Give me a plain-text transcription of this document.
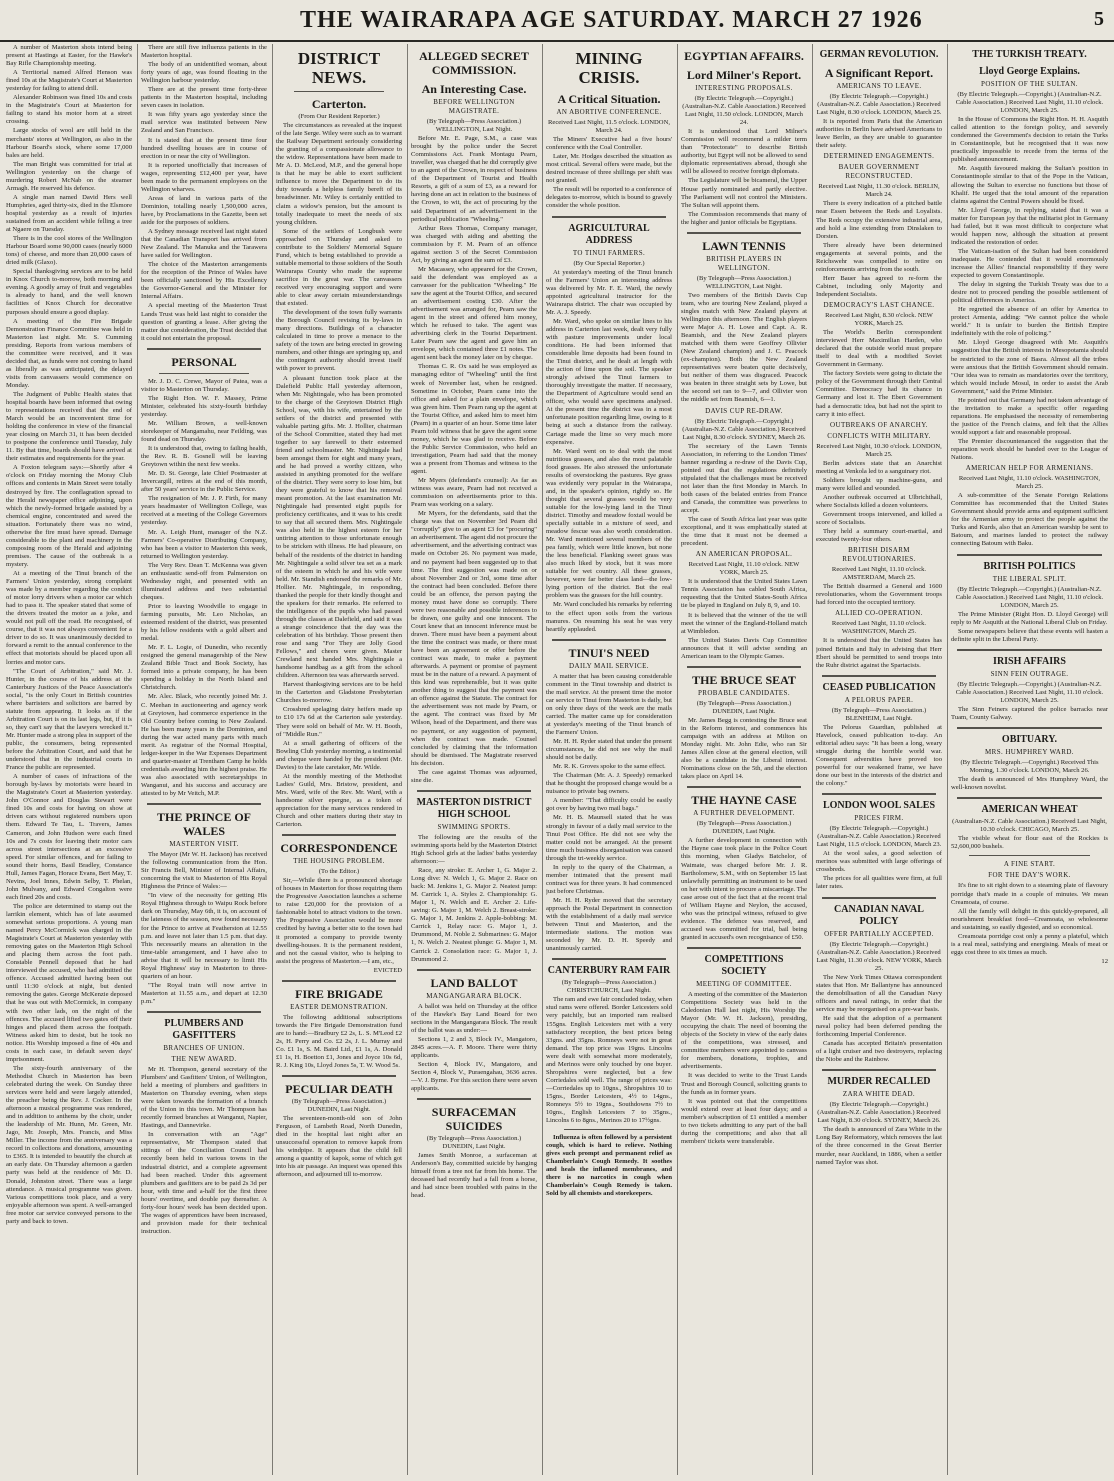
THE WAIRARAPA AGE SATURDAY. MARCH 27 1926	5

A number of Masterton shots intend being present at Hastings at Easter, for the Hawke's Bay Rifle Championship meeting.

A Territorial named Alfred Henson was fined 10s at the Magistrate's Court at Masterton yesterday for failing to attend drill.

Alexander Robinson was fined 10s and costs in the Magistrate's Court at Masterton for failing to stand his motor horn at a street crossing.

Large stocks of wool are still held in the merchants' stores at Wellington, as also in the Harbour Board's stock, where some 17,000 bales are held.

The man Bright was committed for trial at Wellington yesterday on the charge of murdering Robert McNab on the steamer Armagh. He reserved his defence.

A single man named David Hers well Humphries, aged thirty-six, died in the Elsmore hospital yesterday as a result of injuries sustained from an accident while felling a tree at Ngaere on Tuesday.

There is in the cool stores of the Wellington Harbour Board some 90,000 cases (nearly 6000 tons) of cheese, and more than 20,000 cases of dried milk (Glaxo).

Special thanksgiving services are to be held in Knox Church to-morrow, both morning and evening. A goodly array of fruit and vegetables is already to hand, and the well known facilities of Knox Church for decorative purposes should ensure a good display.

A meeting of the Fire Brigade Demonstration Finance Committee was held in Masterton last night. Mr. S. Cumming presiding. Reports from various members of the committee were received, and it was decided that, as funds were not coming to hand as liberally as was anticipated, the delayed visits from canvassers would commence on Monday.

The Judgment of Public Health states that hospital boards have been informed that owing to representations received that the end of March would be an inconvenient time for holding the conference in view of the financial year closing on March 31, it has been decided to postpone the conference until Tuesday, July 11. By that time, boards should have arrived at their estimates and requirements for the year.

A Foxton telegram says:—Shortly after 4 o'clock on Friday morning the Moray Club offices and contents in Main Street were totally destroyed by fire. The conflagration spread to the Herald newspaper office adjoining, upon which the newly-formed brigade assisted by a chemical engine, concentrated and saved the situation. Fortunately there was no wind, otherwise the fire must have spread. Damage considerable to the plant and machinery in the composing room of the Herald and adjoining premises. The cause of the outbreak is a mystery.

At a meeting of the Tinui branch of the Farmers' Union yesterday, strong complaint was made by a member regarding the conduct of motor lorry drivers when a motor car which had to pass it. The speaker stated that some of the drivers treated the motor as a joke, and would not pull off the road. He recognised, of course, that it was not always convenient for a driver to do so. It was unanimously decided to forward a remit to the annual conference to the effect that motorists should be placed upon all lorries and motor cars.

"The Court of Arbitration," said Mr. J. Hunter, in the course of his address at the Canterbury Justices of the Peace Association's social, "is the only Court in British countries where barristers and solicitors are barred by statute from appearing. It looks as if the Arbitration Court is on its last legs, but, if it is so, they can't say that the lawyers wrecked it." Mr. Hunter made a strong plea in support of the public, the consumers, being represented before the Arbitration Court, and said that he understood that in the industrial courts in France the public are represented.

A number of cases of infractions of the borough by-laws by motorists were heard in the Magistrate's Court at Masterton yesterday. John O'Connor and Douglas Stewart were fined 10s and costs for having on show at driven cars without registered numbers upon them. Edward Te Tau, L. Travers, James Cameron, and John Hudson were each fined 10s and 7s costs for leaving their motor cars across street intersections at an excessive speed. For similar offences, and for failing to sound their horns, Basil Bradley, Constance Hull, James Fagan, Horace Evans, Bert May, T. Nevins, Joel Innes, Edwin Selby, T. Phelan, John Mulvany, and Edward Congalton were each fined 20s and costs.

The police are determined to stamp out the larrikin element, which has of late assumed somewhat serious proportions. A young man named Percy McCormick was charged in the Magistrate's Court at Masterton yesterday with removing gates on the Masterton High School and placing them across the foot path. Constable Pennell deposed that he had interviewed the accused, who had admitted the offence. Accused admitted having been out until 11:30 o'clock at night, but denied removing the gates. George McKenzie deposed that he was out with McCormick, in company with two other lads, on the night of the offences. The accused lifted two gates off their hinges and placed them across the footpath. Witness asked him to desist, but he took no notice. His Worship imposed a fine of 40s and costs in each case, in default seven days' imprisonment.

The sixty-fourth anniversary of the Methodist Church in Masterton has been celebrated during the week. On Sunday three services were held and were largely attended, the preacher being the Rev. J. Cocker. In the afternoon a musical programme was rendered, and in addition to anthems by the choir, under the leadership of Mr. Hunn, Mr. Green, Mr. Jago, Mr. Joseph, Mrs. Francis, and Miss Miller. The income from the anniversary was a record in collections and donations, amounting to £365. It is intended to beautify the church at an early date. On Thursday afternoon a garden party was held at the residence of Mr. D. Donald, Johnston street. There was a large attendance. A musical programme was given. Various competitions took place, and a very enjoyable afternoon was spent. A well-arranged free motor car service conveyed persons to the party and back to town.

There are still five influenza patients in the Masterton hospital.

The body of an unidentified woman, about forty years of age, was found floating in the Wellington harbour yesterday.

There are at the present time forty-three patients in the Masterton hospital, including seven cases in isolation.

It was fifty years ago yesterday since the mail service was instituted between New Zealand and San Francisco.

It is stated that at the present time four hundred dwelling houses are in course of erection in or near the city of Wellington.

It is reported unofficially that increases of wages, representing £12,400 per year, have been made to the permanent employees on the Wellington wharves.

Areas of land in various parts of the Dominion, totalling nearly 1,500,000 acres, have, by Proclamations in the Gazette, been set aside for the purposes of soldiers.

A Sydney message received last night stated that the Canadian Transport has arrived from New Zealand. The Manuka and the Tarawera have sailed for Wellington.

The choice of the Masterton arrangements for the reception of the Prince of Wales have been officially sanctioned by His Excellency the Governor-General and the Minister for Internal Affairs.

A special meeting of the Masterton Trust Lands Trust was held last night to consider the question of granting a lease. After giving the matter due consideration, the Trust decided that it could not entertain the proposal.

PERSONAL

Mr. J. D. C. Crewe, Mayor of Patea, was a visitor to Masterton on Thursday.

The Right Hon. W. F. Massey, Prime Minister, celebrated his sixty-fourth birthday yesterday.

Mr. William Brown, a well-known storekeeper of Mangamahu, near Feilding, was found dead on Thursday.

It is understood that, owing to failing health, the Rev. R. B. Gosnell will be leaving Greytown within the next few weeks.

Mr. D. St. George, late Chief Postmaster at Invercargill, retires at the end of this month, after 50 years' service in the Public Service.

The resignation of Mr. J. P. Firth, for many years headmaster of Wellington College, was received at a meeting of the College Governors yesterday.

Mr. A. Leigh Hunt, manager of the N.Z. Farmers' Co-operative Distributing Company, who has been a visitor to Masterton this week, returned to Wellington yesterday.

The Very Rev. Dean T. McKenna was given an enthusiastic send-off from Palmerston on Wednesday night, and presented with an illuminated address and two substantial cheques.

Prior to leaving Woodville to engage in farming pursuits, Mr. Leo Nicholas, an esteemed resident of the district, was presented by his fellow residents with a gold albert and medal.

Mr. F. L. Logie, of Dunedin, who recently resigned the general managership of the New Zealand Bible Tract and Book Society, has formed into a private company, he has been spending a holiday in the North Island and Christchurch.

Mr. Alec. Black, who recently joined Mr. J. C. Meehan in auctioneering and agency work at Greytown, had commerce experience in the Old Country before coming to New Zealand. He has been many years in the Dominion, and during the war acted many parts with much merit. As registrar of the Normal Hospital, ledger-keeper in the War Expenses Department and quarter-master at Trentham Camp he holds credentials awarding him the highest praise. He was also associated with secretaryships in Wanganui, and his success and accuracy are attested to by Mr Veitch, M.P.

THE PRINCE OF WALES

MASTERTON VISIT.

The Mayor (Mr W. H. Jackson) has received the following communication from the Hon. Sir Francis Bell, Minister of Internal Affairs, concerning the visit to Masterton of His Royal Highness the Prince of Wales:—

"In view of the necessity for getting His Royal Highness through to Waipu Rock before dark on Thursday, May 6th, it is, on account of the lateness of the season, now found necessary for the Prince to arrive at Featherston at 12.55 p.m. and leave not later than 1.5 p.m. that day. This necessarily means an alteration in the time-table arrangement, and I have also to advise that it will be necessary to limit His Royal Highness' stay in Masterton to three-quarters of an hour.

"The Royal train will now arrive in Masterton at 11.55 a.m., and depart at 12.30 p.m."

PLUMBERS AND GASFITTERS

BRANCHES OF UNION.

THE NEW AWARD.

Mr H. Thompson, general secretary of the Plumbers' and Gasfitters' Union, of Wellington, held a meeting of plumbers and gasfitters in Masterton on Thursday evening, when steps were taken towards the formation of a branch of the Union in this town. Mr Thompson has recently formed branches at Wanganui, Napier, Hastings, and Dannevirke.

In conversation with an "Age" representative, Mr Thompson stated that sittings of the Conciliation Council had recently been held in various towns in the industrial district, and a complete agreement had been reached. Under this agreement plumbers and gasfitters are to be paid 2s 3d per hour, with time and a-half for the first three hours' overtime, and double pay thereafter. A forty-four hours' week has been decided upon. The wages of apprentices have been increased, and provision made for their technical instruction.

DISTRICT NEWS.

Carterton.

(From Our Resident Reporter.)

The circumstances as revealed at the inquest of the late Serge. Wiley were such as to warrant the Railway Department seriously considering the granting of a compassionate allowance to the widow. Representations have been made to Mr A. D. McLeod, M.P., and the general hope is that he may be able to exert sufficient influence to move the Department to do its duty towards a helpless family bereft of its breadwinner. Mr. Wiley is certainly entitled to claim a widow's pension, but the amount is totally inadequate to meet the needs of six young children.

Some of the settlers of Longbush were approached on Thursday and asked to contribute to the Soldiers' Memorial Square Fund, which is being established to provide a suitable memorial to those soldiers of the South Wairarapa County who made the supreme sacrifice in the great war. The canvassers received very encouraging support and were able to clear away certain misunderstandings that existed.

The development of the town fully warrants the Borough Council revising its by-laws in many directions. Buildings of a character calculated in time to prove a menace to the safety of the town are being erected in growing numbers, and other things are springing up, and the contingent authority should invest itself with power to prevent.

A pleasant function took place at the Dalefield Public Hall yesterday afternoon, when Mr. Nightingale, who has been promoted to the charge of the Greytown District High School, was, with his wife, entertained by the settlers of the district and presented with valuable parting gifts. Mr. J. Hollier, chairman of the School Committee, stated they had met together to say farewell to their esteemed friend and schoolmaster. Mr. Nightingale had been amongst them for eight and many years, and he had proved a worthy citizen, who assisted in anything promoted for the welfare of the district. They were sorry to lose him, but they were grateful to know that his removal meant promotion. At the last examination Mr. Nightingale had presented eight pupils for proficiency certificates, and it was to his credit to say that all secured them. Mrs. Nightingale was also held in the highest esteem for her untiring attention to those unfortunate enough to be stricken with illness. He had pleasure, on behalf of the residents of the district in handing Mr. Nightingale a solid silver tea set as a mark of the esteem in which he and his wife were held. Mr. Standish endorsed the remarks of Mr. Hollier. Mr. Nightingale, in responding, thanked the people for their kindly thought and the speakers for their remarks. He referred to the intelligence of the pupils who had passed through the classes at Dalefield, and said it was a strange coincidence that the day was the celebration of his birthday. Those present then rose and sang "For They are Jolly Good Fellows," and cheers were given. Master Crewland next handed Mrs. Nightingale a handsome handbag as a gift from the school children. Afternoon tea was afterwards served.

Harvest thanksgiving services are to be held in the Carterton and Gladstone Presbyterian Churches to-morrow.

Crossbred spelaging dairy heifers made up to £10 17s 6d at the Carterton sale yesterday. They were sold on behalf of Mr. W. H. Booth, of "Middle Run."

At a small gathering of officers of the Bowling Club yesterday morning, a testimonial and cheque were handed by the president (Mr. Davies) to the late caretaker, Mr. Wilde.

At the monthly meeting of the Methodist Ladies' Guild, Mrs. Bristow, president, and Mrs. Ward, wife of the Rev. Mr. Ward, with a handsome silver epergne, as a token of appreciation for the many services rendered in Church and other matters during their stay in Carterton.

CORRESPONDENCE

THE HOUSING PROBLEM.

(To the Editor.)

Sir,—While there is a pronounced shortage of houses in Masterton for those requiring them the Progressive Association launches a scheme to raise £20,000 for the provision of a fashionable hotel to attract visitors to the town. The Progressive Association would be more credited by having a better site to the town had it promoted a company to provide twenty dwelling-houses. It is the permanent resident, and not the casual visitor, who is helping to assist the progress of Masterton.—I am, etc.,

EVICTED

FIRE BRIGADE

EASTER DEMONSTRATION.

The following additional subscriptions towards the Fire Brigade Demonstration fund are to hand:—Bradbury £2 2s, L. S. M'Leod £2 2s, H. Perry and Co. £2 2s, J. L. Murray and Co. £1 1s, S. M. Baird Ltd., £1 1s, A. Donald £1 1s, H. Boetton £1, Jones and Joyce 10s 6d, R. J. King 10s, Lloyd Jones 5s, T. W. Wood 5s.

PECULIAR DEATH

(By Telegraph—Press Association.) DUNEDIN, Last Night.

The seventeen-month-old son of John Ferguson, of Lambeth Road, North Dunedin, died in the hospital last night after an unsuccessful operation to remove kapok from his windpipe. It appears that the child fell among a quantity of kapok, some of which got into his air passage. An inquest was opened this afternoon, and adjourned till to-morrow.

ALLEGED SECRET COMMISSION.

An Interesting Case.

BEFORE WELLINGTON MAGISTRATE.

(By Telegraph—Press Association.) WELLINGTON, Last Night.

Before Mr. E. Page, S.M., a case was brought by the police under the Secret Commissions Act. Frank Montagu Pearn, traveller, was charged that he did corruptly give to an agent of the Crown, in respect of business of the Department of Tourist and Health Resorts, a gift of a sum of £3, as a reward for having done an act in relation to the business of the Crown, to wit, the act of procuring by the said Department of an advertisement in the periodical publication "Wheeling."

Arthur Rees Thomas, Company manager, was charged with aiding and abetting the commission by F. M. Pearn of an offence against section 3 of the Secret Commission Act, by giving an agent the sum of £3.

Mr Macassey, who appeared for the Crown, said the defendant was employed as a canvasser for the publication "Wheeling." He saw the agent at the Tourist Office, and secured an advertisement costing £30. After the advertisement was arranged for, Pearn saw the agent in the street and offered him money, which he refused to take. The agent was advertising clerk in the Tourist Department. Later Pearn saw the agent and gave him an envelope, which contained three £1 notes. The agent sent back the money later on by cheque.

Thomas C. R. Ox said he was employed as managing editor of "Wheeling" until the first week of November last, when he resigned. Sometime in October, Pearn came into the office and asked for a plain envelope, which was given him. Then Pearn rang up the agent at the Tourist Office, and asked him to meet him (Pearn) in a quarter of an hour. Some time later Pearn told witness that he gave the agent some money, which he was glad to receive. Before the Public Service Commission, who held an investigation, Pearn had said that the money was a present from Thomas and witness to the agent.

Mr Myers (defendant's counsel): As far as witness was aware, Pearn had not received a commission on advertisements prior to this. Pearn was working on a salary.

Mr Myers, for the defendants, said that the charge was that on November 3rd Pearn did "corruptly" give to an agent £3 for "procuring" an advertisement. The agent did not procure the advertisement, and the advertising contract was made on October 26. No payment was made, and no payment had been suggested up to that time. The first suggestion was made on or about November 2nd or 3rd, some time after the contract had been concluded. Before there could be an offence, the person paying the money must have done so corruptly. There were two reasonable and possible inferences to be drawn, one guilty and one innocent. The Court knew that an innocent inference must be drawn. There must have been a payment about the time the contract was made, or there must have been an agreement or offer before the contract was made, to make a payment afterwards. A payment or promise of payment must be in the nature of a reward. A payment of this kind was reprehensible, but it was quite another thing to suggest that the payment was an offence against the Statute. The contract for the advertisement was not made by Pearn, or the agent. The contract was fixed by Mr Wilson, head of the Department, and there was no payment, or any suggestion of payment, when the contract was made. Counsel concluded by claiming that the information should be dismissed. The Magistrate reserved his decision.

The case against Thomas was adjourned, sine die.

MASTERTON DISTRICT HIGH SCHOOL

SWIMMING SPORTS.

The following are the results of the swimming sports held by the Masterton District High School girls at the ladies' baths yesterday afternoon:—

Race, any stroke: E. Archer 1, G. Major 2. Long dive: N. Welch 1, G. Major 2. Race on back: M. Jenkins 1, G. Major 2. Neatest jump: M. Carrick 1, A. Styles 2. Championship: G. Major 1, N. Welch and E. Archer 2. Life-saving: G. Major 1, M. Welch 2. Breast-stroke: G. Major 1, M. Jenkins 2. Apple-bobbing: M. Carrick 1, Relay race: G. Major 1, J. Drummond, M. Noble 2. Submarines: G. Major 1, N. Welch 2. Neatest plunge: G. Major 1, M. Carrick 2. Consolation race: G. Major 1, J. Drummond 2.

LAND BALLOT

MANGANGARARA BLOCK.

A ballot was held on Thursday at the office of the Hawke's Bay Land Board for two sections in the Mangangarara Block. The result of the ballot was as under:—

Sections 1, 2 and 3, Block IV., Mangatoro, 2845 acres.—A. F. Moore. There were thirty applicants.

Section 4, Block IV., Mangatoro, and Section 4, Block V., Puraengahau, 3636 acres.—V. J. Byrne. For this section there were seven applicants.

SURFACEMAN SUICIDES

(By Telegraph—Press Association.) DUNEDIN, Last Night.

James Smith Monroe, a surfaceman at Anderson's Bay, committed suicide by hanging himself from a tree not far from his home. The deceased had recently had a fall from a horse, and had since been troubled with pains in the head.

MINING CRISIS.

A Critical Situation.

AN ABORTIVE CONFERENCE.

Received Last Night, 11.5 o'clock. LONDON, March 24.

The Miners' Executive had a five hours' conference with the Coal Controller.

Later, Mr. Hodges described the situation as most critical. Several offers were made, but the desired increase of three shillings per shift was not granted.

The result will be reported to a conference of delegates to-morrow, which is bound to gravely consider the whole position.

AGRICULTURAL ADDRESS

TO TINUI FARMERS.

(By Our Special Reporter.)

At yesterday's meeting of the Tinui branch of the Farmers' Union an interesting address was delivered by Mr. F. E. Ward, the newly appointed agricultural instructor for the Wairarapa district. The chair was occupied by Mr. A. J. Speedy.

Mr. Ward, who spoke on similar lines to his address in Carterton last week, dealt very fully with pasture improvements under local conditions. He had been informed that considerable lime deposits had been found in the Tinui district, and he dealt at length with the action of lime upon the soil. The speaker strongly advised the Tinui farmers to thoroughly investigate the matter. If necessary, the Department of Agriculture would send an officer, who would save specimens analysed. At the present time the district was in a most unfortunate position regarding lime, owing to it being at such a distance from the railway. Cartage made the lime so very much more expensive.

Mr. Ward went on to deal with the most nutritious grasses, and also the most palatable food grasses. He also stressed the unfortunate results of overstocking the pastures. Rye grass was evidently very popular in the Wairarapa, and, in the speaker's opinion, rightly so. He thought that several grasses would be very suitable for the low-lying land in the Tinui district. Timothy and meadow foxtail would be specially suitable in a mixture of seed, and meadow fescue was also worth consideration. Mr. Ward mentioned several members of the pea family, which were little known, but none the less beneficial. Flanking sweet grass was also much liked by stock, but it was more suitable for wet country. All these grasses, however, were far better class land—the low-lying portion of the district. But the real problem was the grasses for the hill country.

Mr. Ward concluded his remarks by referring to the effect upon soils from the various manures. On resuming his seat he was very heartily applauded.

TINUI'S NEED

DAILY MAIL SERVICE.

A matter that has been causing considerable comment in the Tinui township and district is the mail service. At the present time the motor car service to Tinui from Masterton is daily, but on only three days of the week are the mails carried. The matter came up for consideration at yesterday's meeting of the Tinui branch of the Farmers' Union.

Mr. H. H. Ryder stated that under the present circumstances, he did not see why the mail should not be daily.

Mr. R. K. Groves spoke to the same effect.

The Chairman (Mr. A. J. Speedy) remarked that he thought the proposed change would be a nuisance to private bag owners.

A member: "That difficulty could be easily got over by having two mail bags."

Mr. H. B. Maunsell stated that he was strongly in favour of a daily mail service to the Tinui Post Office. He did not see why the matter could not be arranged. At the present time much business disorganisation was caused through the tri-weekly service.

In reply to the query of the Chairman, a member intimated that the present mail contract was for three years. It had commenced just before Christmas.

Mr. H. H. Ryder moved that the secretary approach the Postal Department in connection with the establishment of a daily mail service between Tinui and Masterton, and the intermediate stations. The motion was seconded by Mr. D. H. Speedy and unanimously carried.

CANTERBURY RAM FAIR

(By Telegraph—Press Association.) CHRISTCHURCH, Last Night.

The ram and ewe fair concluded today, when stud rams were offered. Border Leicesters sold very patchily, but an imported ram realised 155gns. English Leicesters met with a very satisfactory reception, the best prices being 33gns. and 35gns. Romneys were not in great demand. The top price was 19gns. Lincolns were dealt with somewhat more moderately, and Merinos were only touched by one buyer. Shropshires were neglected, but a few Corriedales sold well. The range of prices was:—Corriedales up to 10gns., Shropshires 10 to 15gns., Border Leicesters, 4½ to 14gns., Romneys 5½ to 19gns., Southdowns 7½ to 10gns., English Leicesters 7 to 35gns., Lincolns 6 to 8gns., Merinos 20 to 17½gns.

Influenza is often followed by a persistent cough, which is hard to relieve. Nothing gives such prompt and permanent relief as Chamberlain's Cough Remedy. It soothes and heals the inflamed membranes, and there is no narcotics in cough when Chamberlain's Cough Remedy is taken. Sold by all chemists and storekeepers.

EGYPTIAN AFFAIRS.

Lord Milner's Report.

INTERESTING PROPOSALS.

(By Electric Telegraph.—Copyright.) (Australian-N.Z. Cable Association.) Received Last Night, 11.50 o'clock. LONDON, March 24.

It is understood that Lord Milner's Commission will recommend a milder term than "Protectorate" to describe British authority, but Egypt will not be allowed to send diplomatic representatives abroad, though she will be allowed to receive foreign diplomats.

The Legislature will be bicameral, the Upper House partly nominated and partly elective. The Parliament will not control the Ministers. The Sultan will appoint them.

The Commission recommends that many of the higher and junior officials be Egyptians.

LAWN TENNIS

BRITISH PLAYERS IN WELLINGTON.

(By Telegraph—Press Association.) WELLINGTON, Last Night.

Two members of the British Davis Cup team, who are touring New Zealand, played a singles match with New Zealand players at Wellington this afternoon. The English players were Major A. H. Lowe and Capt. A. R. Beamish, and the New Zealand players matched with them were Geoffrey Ollivier (New Zealand champion) and J. C. Peacock (ex-champion). Both the New Zealand representatives were beaten quite decisively, but neither of them was disgraced. Peacock was beaten in three straight sets by Lowe, but the second set ran to 9—7, and Ollivier won the middle set from Beamish, 6—1.

DAVIS CUP RE-DRAW.

(By Electric Telegraph.—Copyright.) (Australian-N.Z. Cable Association.) Received Last Night, 8.30 o'clock. SYDNEY, March 26.

The secretary of the Lawn Tennis Association, in referring to the London Times' banner regarding a re-draw of the Davis Cup, pointed out that the regulations definitely stipulated that the challenges must be received not later than the first Monday in March. In both cases of the belated entries from France and Canada, the committee was powerless to accept.

The case of South Africa last year was quite exceptional, and it was emphatically stated at the time that it must not be deemed a precedent.

AN AMERICAN PROPOSAL.

Received Last Night, 11.10 o'clock. NEW YORK, March 25.

It is understood that the United States Lawn Tennis Association has cabled South Africa, requesting that the United States-South Africa tie be played in England on July 8, 9, and 10.

It is believed that the winner of the tie will meet the winner of the England-Holland match at Wimbledon.

The United States Davis Cup Committee announces that it will advise sending an American team to the Olympic Games.

THE BRUCE SEAT

PROBABLE CANDIDATES.

(By Telegraph—Press Association.) DUNEDIN, Last Night.

Mr. James Begg is contesting the Bruce seat in the Reform interest, and commences his campaign with an address at Milton on Monday night. Mr. John Edie, who ran Sir James Allen close at the general election, will also be a candidate in the Liberal interest. Nominations close on the 5th, and the election takes place on April 14.

THE HAYNE CASE

A FURTHER DEVELOPMENT.

(By Telegraph—Press Association.) DUNEDIN, Last Night.

A further development in connection with the Hayne case took place in the Police Court this morning, when Gladys Batchelor, of Waimate, was charged before Mr. J. R. Bartholomew, S.M., with on September 15 last unlawfully permitting an instrument to be used on her with intent to procure a miscarriage. The case arose out of the fact that at the recent trial of William Hayne and Neylon, the accused, who was the principal witness, refused to give evidence. The defence was reserved, and accused was committed for trial, bail being granted in accused's own recognisance of £50.

COMPETITIONS SOCIETY

MEETING OF COMMITTEE.

A meeting of the committee of the Masterton Competitions Society was held in the Caledonian Hall last night, His Worship the Mayor (Mr. W. H. Jackson), presiding, occupying the chair. The need of booming the objects of the Society in view of the early dates of the competitions, was stressed, and committee members were appointed to canvass for members, donations, trophies, and advertisements.

It was decided to write to the Trust Lands Trust and Borough Council, soliciting grants to the funds as in former years.

It was pointed out that the competitions would extend over at least four days; and a member's subscription of £1 entitled a member to two tickets admitting to any part of the ball during the competitions; and also that all members' tickets were transferable.

GERMAN REVOLUTION.

A Significant Report.

AMERICANS TO LEAVE.

(By Electric Telegraph.—Copyright.) (Australian-N.Z. Cable Association.) Received Last Night, 8.30 o'clock. LONDON, March 25.

It is reported from Paris that the American authorities in Berlin have advised Americans to leave Berlin, as they are unable to guarantee their safety.

DETERMINED ENGAGEMENTS.

BAUER GOVERNMENT RECONSTRUCTED.

Received Last Night, 11.30 o'clock. BERLIN, March 24.

There is every indication of a pitched battle near Essen between the Reds and Loyalists. The Reds occupy the extensive industrial area, and hold a line extending from Dinslaken to Dorsten.

There already have been determined engagements at several points, and the Reichswehr was compelled to retire on reinforcements arriving from the south.

Herr Bauer has agreed to re-form the Cabinet, including only Majority and Independent Socialists.

DEMOCRACY'S LAST CHANCE.

Received Last Night, 8.30 o'clock. NEW YORK, March 25.

The World's Berlin correspondent interviewed Herr Maximilian Harden, who declared that the outside world must prepare itself to deal with a modified Soviet Government in Germany.

The factory Soviets were going to dictate the policy of the Government through their Central Committee. Democracy had its chance in Germany and lost it. The Ebert Government had a democratic idea, but had not the spirit to carry it into effect.

OUTBREAKS OF ANARCHY.

CONFLICTS WITH MILITARY.

Received Last Night, 10.30 o'clock. LONDON, March 25.

Berlin advices state that an Anarchist meeting at Venkola led to a sanguinary riot.

Soldiers brought up machine-guns, and many were killed and wounded.

Another outbreak occurred at Ulbrichthall, where Socialists killed a dozen volunteers.

Government troops intervened, and killed a score of Socialists.

They held a summary court-martial, and executed twenty-four others.

BRITISH DISARM REVOLUTIONARIES.

Received Last Night, 11.10 o'clock. AMSTERDAM, March 25.

The British disarmed a General and 1600 revolutionaries, whom the Government troops had forced into the occupied territory.

ALLIED CO-OPERATION.

Received Last Night, 11.10 o'clock. WASHINGTON, March 25.

It is understood that the United States has joined Britain and Italy in advising that Herr Ebert should be permitted to send troops into the Ruhr district against the Spartacists.

CEASED PUBLICATION

A PELORUS PAPER.

(By Telegraph—Press Association.) BLENHEIM, Last Night.

The Pelorus Guardian, published at Havelock, ceased publication to-day. An editorial adieu says: "It has been a long, weary struggle during the horrible world war. Consequent adversities have proved too powerful for our weakened frame, we have done our best in the interests of the district and the colony."

LONDON WOOL SALES

PRICES FIRM.

(By Electric Telegraph.—Copyright.) (Australian-N.Z. Cable Association.) Received Last Night, 11.5 o'clock. LONDON, March 23.

At the wool sales, a good selection of merinos was submitted with large offerings of crossbreds.

The prices for all qualities were firm, at full later rates.

CANADIAN NAVAL POLICY

OFFER PARTIALLY ACCEPTED.

(By Electric Telegraph.—Copyright.) (Australian-N.Z. Cable Association.) Received Last Night, 11.30 o'clock. NEW YORK, March 25.

The New York Times Ottawa correspondent states that Hon. Mr Ballantyne has announced the demobilisation of all the Canadian Navy officers and naval ratings, in order that the service may be reorganised on a pre-war basis.

He said that the adoption of a permanent naval policy had been deferred pending the forthcoming Imperial Conference.

Canada has accepted Britain's presentation of a light cruiser and two destroyers, replacing the Niobe and the Rainbow.

MURDER RECALLED

ZARA WHITE DEAD.

(By Electric Telegraph.—Copyright.) (Australian-N.Z. Cable Association.) Received Last Night, 8.30 o'clock. SYDNEY, March 26.

The death is announced of Zara White in the Long Bay Reformatory, which removes the last of the three concerned in the Great Berrier murder, near Auckland, in 1886, when a settler named Taylor was shot.

THE TURKISH TREATY.

Lloyd George Explains.

POSITION OF THE SULTAN.

(By Electric Telegraph.—Copyright.) (Australian-N.Z. Cable Association.) Received Last Night, 11.10 o'clock. LONDON, March 25.

In the House of Commons the Right Hon. H. H. Asquith called attention to the foreign policy, and severely condemned the Government's decision to retain the Turks in Constantinople, but he recognised that it was now practically impossible to recede from the terms of the published announcement.

Mr. Asquith favoured making the Sultan's position in Constantinople similar to that of the Pope in the Vatican, allowing the Sultan to exercise no functions but those of Khalif. He urged that the total amount of the reparation claims against the Central Powers should be fixed.

Mr. Lloyd George, in replying, stated that it was a matter for European joy that the militarist plot in Germany had failed, but it was most difficult to conjecture what would happen now, although the situation at present indicated the restoration of order.

The Vatican-isation of the Sultan had been considered inadequate. He contended that it would enormously increase the Allies' financial responsibility if they were expected to govern Constantinople.

The delay in signing the Turkish Treaty was due to a desire not to proceed pending the possible settlement of political differences in America.

He regretted the absence of an offer by America to protect Armenia, adding: "We cannot police the whole world." It is unfair to burden the British Empire indefinitely with the role of policing."

Mr. Lloyd George disagreed with Mr. Asquith's suggestion that the British interests in Mesopotamia should be restricted to the zone of Basra. Almost all the tribes were anxious that the British Government should remain. "Our idea was to remain as mandatories over the territory, which would include Mosul, in order to assist the Arab Government," said the Prime Minister.

He pointed out that Germany had not taken advantage of the invitation to make a specific offer regarding reparations. He emphasised the necessity of remembering the justice of the French claims, and felt that the Allies would support a fair and reasonable proposal.

The Premier discountenanced the suggestion that the reparation work should be handed over to the League of Nations.

AMERICAN HELP FOR ARMENIANS.

Received Last Night, 11.10 o'clock. WASHINGTON, March 25.

A sub-committee of the Senate Foreign Relations Committee has recommended that the United States Government should provide arms and equipment sufficient for the Armenian army to protect the people against the Turks and Kurds, also that an American warship be sent to Batoum, and marines landed to protect the railway connecting Batoum with Baku.

BRITISH POLITICS

THE LIBERAL SPLIT.

(By Electric Telegraph.—Copyright.) (Australian-N.Z. Cable Association.) Received Last Night, 11.10 o'clock. LONDON, March 25.

The Prime Minister (Right Hon. D. Lloyd George) will reply to Mr Asquith at the National Liberal Club on Friday.

Some newspapers believe that these events will hasten a definite split in the Liberal Party.

IRISH AFFAIRS

SINN FEIN OUTRAGE.

(By Electric Telegraph.—Copyright.) (Australian-N.Z. Cable Association.) Received Last Night, 11.10 o'clock. LONDON, March 25.

The Sinn Feiners captured the police barracks near Tuam, County Galway.

OBITUARY.

MRS. HUMPHREY WARD.

(By Electric Telegraph.—Copyright.) Received This Morning, 1.30 o'clock. LONDON, March 26.

The death is announced of Mrs Humphrey Ward, the well-known novelist.

AMERICAN WHEAT

(Australian-N.Z. Cable Association.) Received Last Night, 10.30 o'clock. CHICAGO, March 25.

The visible wheat for flour east of the Rockies is 52,600,000 bushels.

A FINE START.

FOR THE DAY'S WORK.

It's fine to sit right down to a steaming plate of flavoury porridge that's made in a couple of minutes. We mean Creamoata, of course.

All the family will delight in this quickly-prepared, all nourishment breakfast food—Creamoata, so wholesome and sustaining, so easily digested, and so economical.

Creamoata porridge cost only a penny a plateful, which is a real meal, satisfying and energising. Meals of meat or eggs cost three to six times as much.

12
